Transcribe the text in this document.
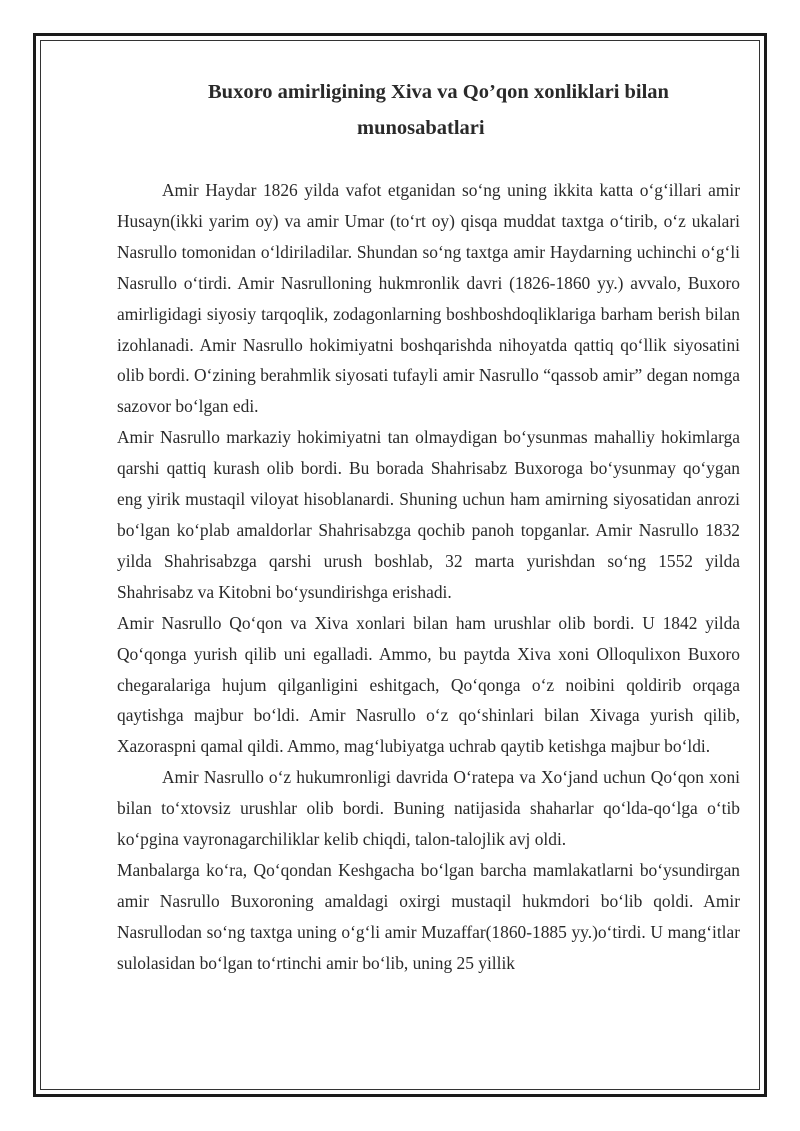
Buxoro amirligining Xiva va Qo’qon xonliklari bilan
munosabatlari

Amir Haydar 1826 yilda vafot etganidan so‘ng uning ikkita katta o‘g‘illari amir Husayn(ikki yarim oy) va amir Umar (to‘rt oy) qisqa muddat taxtga o‘tirib, o‘z ukalari Nasrullo tomonidan o‘ldiriladilar. Shundan so‘ng taxtga amir Haydarning uchinchi o‘g‘li Nasrullo o‘tirdi. Amir Nasrulloning hukmronlik davri (1826-1860 yy.) avvalo, Buxoro amirligidagi siyosiy tarqoqlik, zodagonlarning boshboshdoqliklariga barham berish bilan izohlanadi. Amir Nasrullo hokimiyatni boshqarishda nihoyatda qattiq qo‘llik siyosatini olib bordi. O‘zining berahmlik siyosati tufayli amir Nasrullo “qassob amir” degan nomga sazovor bo‘lgan edi.

Amir Nasrullo markaziy hokimiyatni tan olmaydigan bo‘ysunmas mahalliy hokimlarga qarshi qattiq kurash olib bordi. Bu borada Shahrisabz Buxoroga bo‘ysunmay qo‘ygan eng yirik mustaqil viloyat hisoblanardi. Shuning uchun ham amirning siyosatidan anrozi bo‘lgan ko‘plab amaldorlar Shahrisabzga qochib panoh topganlar. Amir Nasrullo 1832 yilda Shahrisabzga qarshi urush boshlab, 32 marta yurishdan so‘ng 1552 yilda Shahrisabz va Kitobni bo‘ysundirishga erishadi.

Amir Nasrullo Qo‘qon va Xiva xonlari bilan ham urushlar olib bordi. U 1842 yilda Qo‘qonga yurish qilib uni egalladi. Ammo, bu paytda Xiva xoni Olloqulixon Buxoro chegaralariga hujum qilganligini eshitgach, Qo‘qonga o‘z noibini qoldirib orqaga qaytishga majbur bo‘ldi. Amir Nasrullo o‘z qo‘shinlari bilan Xivaga yurish qilib, Xazoraspni qamal qildi. Ammo, mag‘lubiyatga uchrab qaytib ketishga majbur bo‘ldi.

Amir Nasrullo o‘z hukumronligi davrida O‘ratepa va Xo‘jand uchun Qo‘qon xoni bilan to‘xtovsiz urushlar olib bordi. Buning natijasida shaharlar qo‘lda-qo‘lga o‘tib ko‘pgina vayronagarchiliklar kelib chiqdi, talon-talojlik avj oldi.

Manbalarga ko‘ra, Qo‘qondan Keshgacha bo‘lgan barcha mamlakatlarni bo‘ysundirgan amir Nasrullo Buxoroning amaldagi oxirgi mustaqil hukmdori bo‘lib qoldi. Amir Nasrullodan so‘ng taxtga uning o‘g‘li amir Muzaffar(1860-1885 yy.)o‘tirdi. U mang‘itlar sulolasidan bo‘lgan to‘rtinchi amir bo‘lib, uning 25 yillik
